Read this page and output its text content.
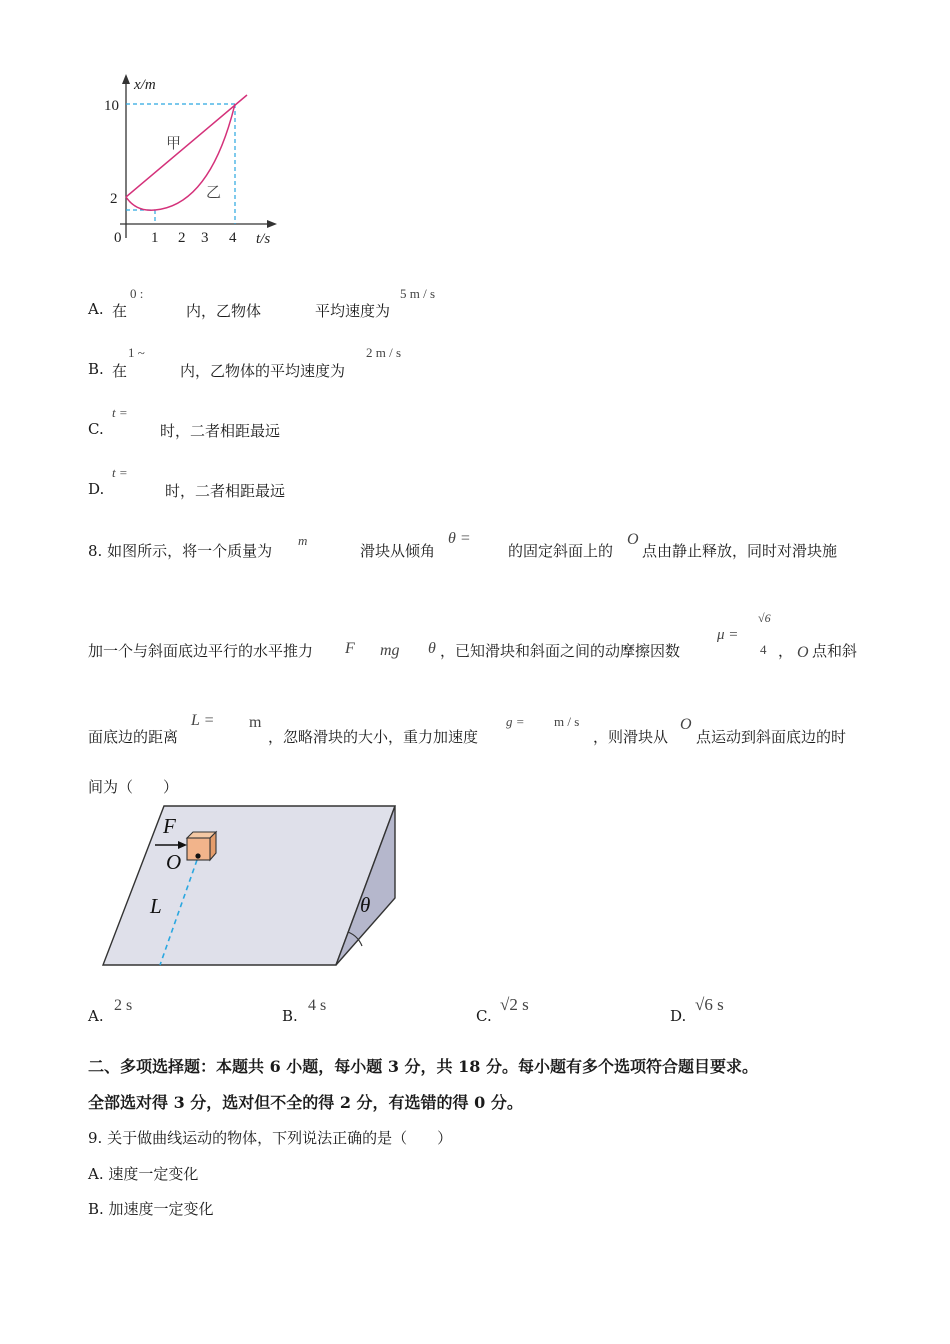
x/m
10
2
0 1 2 3 4 t/s
甲
乙
A. 在
0 :
内，乙物体	平均速度为
5 m / s
B. 在
1 ~
内，乙物体的平均速度为
2 m / s
C.
t =
时，二者相距最远
D.
t =
时，二者相距最远
8. 如图所示，将一个质量为
m
滑块从倾角
θ =
的固定斜面上的
O
点由静止释放，同时对滑块施
加一个与斜面底边平行的水平推力 F mg θ ，已知滑块和斜面之间的动摩擦因数
μ =
√6
4 ， O 点和斜
面底边的距离
L = m
，忽略滑块的大小，重力加速度
g = m / s
，则滑块从
O
点运动到斜面底边的时
间为（　　）
F
O
L	θ
A.
2 s
B.
4 s
C.
√2 s
D.
√6 s
二、多项选择题：本题共 6 小题，每小题 3 分，共 18 分。每小题有多个选项符合题目要求。
全部选对得 3 分，选对但不全的得 2 分，有选错的得 0 分。
9. 关于做曲线运动的物体，下列说法正确的是（　　）
A. 速度一定变化
B. 加速度一定变化
